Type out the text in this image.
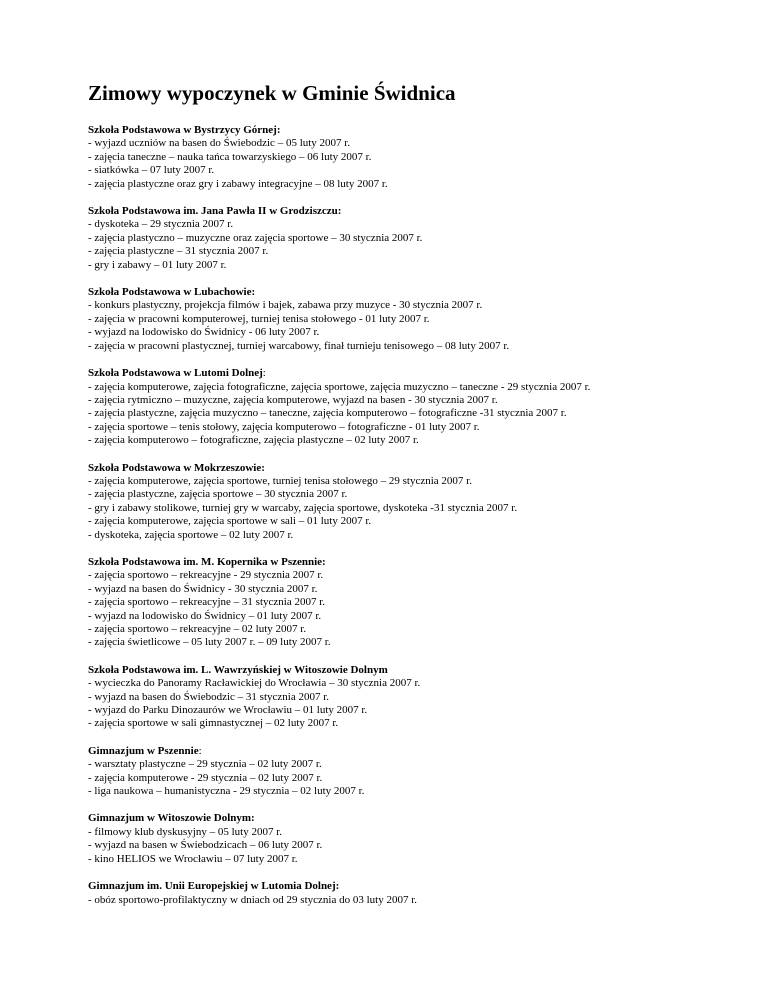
Zimowy wypoczynek w Gminie Świdnica
Szkoła Podstawowa w Bystrzycy Górnej:
- wyjazd uczniów na basen do Świebodzic – 05 luty 2007 r.
- zajęcia taneczne – nauka tańca towarzyskiego – 06 luty 2007 r.
- siatkówka – 07 luty 2007 r.
- zajęcia plastyczne oraz gry i zabawy integracyjne – 08 luty 2007 r.
Szkoła Podstawowa im. Jana Pawła II w Grodziszczu:
- dyskoteka – 29 stycznia 2007 r.
- zajęcia plastyczno – muzyczne oraz zajęcia sportowe – 30 stycznia 2007 r.
- zajęcia plastyczne – 31 stycznia 2007 r.
- gry i zabawy – 01 luty 2007 r.
Szkoła Podstawowa w Lubachowie:
- konkurs plastyczny, projekcja filmów i bajek, zabawa przy muzyce - 30 stycznia 2007 r.
- zajęcia w pracowni komputerowej, turniej tenisa stołowego - 01 luty 2007 r.
- wyjazd na lodowisko do Świdnicy - 06 luty 2007 r.
- zajęcia w pracowni plastycznej, turniej warcabowy, finał turnieju tenisowego – 08 luty 2007 r.
Szkoła Podstawowa w Lutomi Dolnej:
- zajęcia komputerowe, zajęcia fotograficzne, zajęcia sportowe, zajęcia muzyczno – taneczne - 29 stycznia 2007 r.
- zajęcia rytmiczno – muzyczne, zajęcia komputerowe, wyjazd na basen - 30 stycznia 2007 r.
- zajęcia plastyczne, zajęcia muzyczno – taneczne, zajęcia komputerowo – fotograficzne -31 stycznia 2007 r.
- zajęcia sportowe – tenis stołowy, zajęcia komputerowo – fotograficzne - 01 luty 2007 r.
- zajęcia komputerowo – fotograficzne, zajęcia plastyczne – 02 luty 2007 r.
Szkoła Podstawowa w Mokrzeszowie:
- zajęcia komputerowe, zajęcia sportowe, turniej tenisa stołowego – 29 stycznia 2007 r.
- zajęcia plastyczne, zajęcia sportowe – 30 stycznia 2007 r.
- gry i zabawy stolikowe, turniej gry w warcaby, zajęcia sportowe, dyskoteka -31 stycznia 2007 r.
- zajęcia komputerowe, zajęcia sportowe w sali – 01 luty 2007 r.
- dyskoteka, zajęcia sportowe – 02 luty 2007 r.
Szkoła Podstawowa im. M. Kopernika w Pszennie:
- zajęcia sportowo – rekreacyjne - 29 stycznia 2007 r.
- wyjazd na basen do Świdnicy - 30 stycznia 2007 r.
- zajęcia sportowo – rekreacyjne – 31 stycznia 2007 r.
- wyjazd na lodowisko do Świdnicy – 01 luty 2007 r.
- zajęcia sportowo – rekreacyjne – 02 luty 2007 r.
- zajęcia świetlicowe – 05 luty 2007 r. – 09 luty 2007 r.
Szkoła Podstawowa im. L. Wawrzyńskiej w Witoszowie Dolnym
- wycieczka do Panoramy Racławickiej do Wrocławia – 30 stycznia 2007 r.
- wyjazd na basen do Świebodzic – 31 stycznia 2007 r.
- wyjazd do Parku Dinozaurów we Wrocławiu – 01 luty 2007 r.
- zajęcia sportowe w sali gimnastycznej – 02 luty 2007 r.
Gimnazjum w Pszennie:
- warsztaty plastyczne – 29 stycznia – 02 luty 2007 r.
- zajęcia komputerowe - 29 stycznia – 02 luty 2007 r.
- liga naukowa – humanistyczna - 29 stycznia – 02 luty 2007 r.
Gimnazjum w Witoszowie Dolnym:
- filmowy klub dyskusyjny – 05 luty 2007 r.
- wyjazd na basen w Świebodzicach – 06 luty 2007 r.
- kino HELIOS we Wrocławiu – 07 luty 2007 r.
Gimnazjum im. Unii Europejskiej w Lutomia Dolnej:
- obóz sportowo-profilaktyczny w dniach od 29 stycznia do 03 luty 2007 r.
